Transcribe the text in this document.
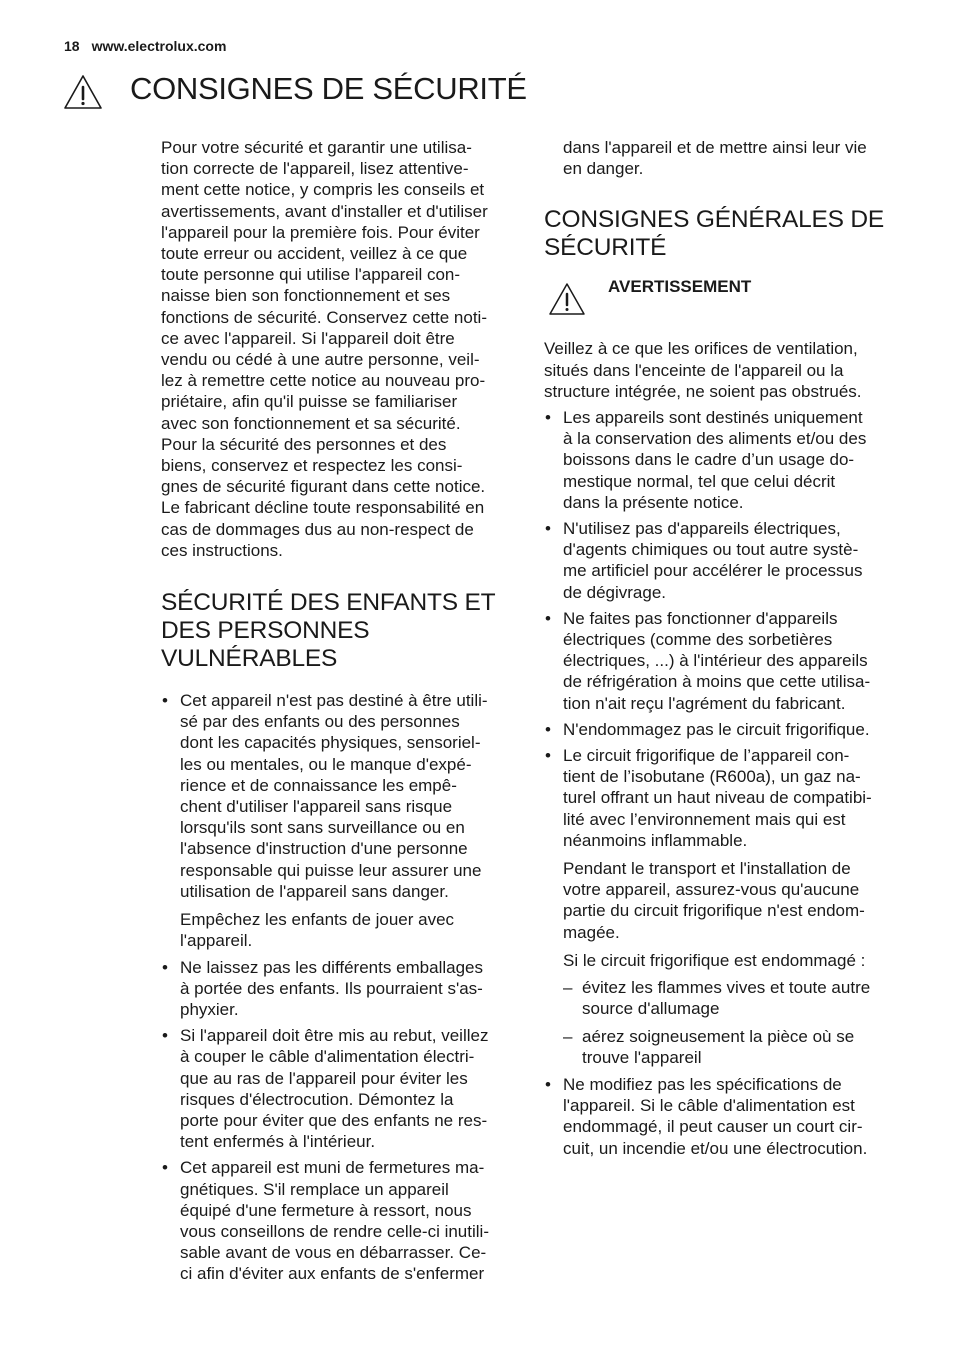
18 www.electrolux.com
CONSIGNES DE SÉCURITÉ

Pour votre sécurité et garantir une utilisa-
tion correcte de l'appareil, lisez attentive-
ment cette notice, y compris les conseils et
avertissements, avant d'installer et d'utiliser
l'appareil pour la première fois. Pour éviter
toute erreur ou accident, veillez à ce que
toute personne qui utilise l'appareil con-
naisse bien son fonctionnement et ses
fonctions de sécurité. Conservez cette noti-
ce avec l'appareil. Si l'appareil doit être
vendu ou cédé à une autre personne, veil-
lez à remettre cette notice au nouveau pro-
priétaire, afin qu'il puisse se familiariser
avec son fonctionnement et sa sécurité.
Pour la sécurité des personnes et des
biens, conservez et respectez les consi-
gnes de sécurité figurant dans cette notice.
Le fabricant décline toute responsabilité en
cas de dommages dus au non-respect de
ces instructions.

SÉCURITÉ DES ENFANTS ET
DES PERSONNES
VULNÉRABLES
• Cet appareil n'est pas destiné à être utili-
sé par des enfants ou des personnes
dont les capacités physiques, sensoriel-
les ou mentales, ou le manque d'expé-
rience et de connaissance les empê-
chent d'utiliser l'appareil sans risque
lorsqu'ils sont sans surveillance ou en
l'absence d'instruction d'une personne
responsable qui puisse leur assurer une
utilisation de l'appareil sans danger.

Empêchez les enfants de jouer avec
l'appareil.

• Ne laissez pas les différents emballages
à portée des enfants. Ils pourraient s'as-
phyxier.
• Si l'appareil doit être mis au rebut, veillez
à couper le câble d'alimentation électri-
que au ras de l'appareil pour éviter les
risques d'électrocution. Démontez la
porte pour éviter que des enfants ne res-
tent enfermés à l'intérieur.
• Cet appareil est muni de fermetures ma-
gnétiques. S'il remplace un appareil
équipé d'une fermeture à ressort, nous
vous conseillons de rendre celle-ci inutili-
sable avant de vous en débarrasser. Ce-
ci afin d'éviter aux enfants de s'enfermer
dans l'appareil et de mettre ainsi leur vie
en danger.
CONSIGNES GÉNÉRALES DE
SÉCURITÉ
AVERTISSEMENT

Veillez à ce que les orifices de ventilation,
situés dans l'enceinte de l'appareil ou la
structure intégrée, ne soient pas obstrués.

• Les appareils sont destinés uniquement
à la conservation des aliments et/ou des
boissons dans le cadre d’un usage do-
mestique normal, tel que celui décrit
dans la présente notice.
• N'utilisez pas d'appareils électriques,
d'agents chimiques ou tout autre systè-
me artificiel pour accélérer le processus
de dégivrage.
• Ne faites pas fonctionner d'appareils
électriques (comme des sorbetières
électriques, ...) à l'intérieur des appareils
de réfrigération à moins que cette utilisa-
tion n'ait reçu l'agrément du fabricant.
• N'endommagez pas le circuit frigorifique.
• Le circuit frigorifique de l’appareil con-
tient de l’isobutane (R600a), un gaz na-
turel offrant un haut niveau de compatibi-
lité avec l’environnement mais qui est
néanmoins inflammable.

Pendant le transport et l'installation de
votre appareil, assurez-vous qu'aucune
partie du circuit frigorifique n'est endom-
magée.

Si le circuit frigorifique est endommagé :

– évitez les flammes vives et toute autre
source d'allumage
– aérez soigneusement la pièce où se
trouve l'appareil
• Ne modifiez pas les spécifications de
l'appareil. Si le câble d'alimentation est
endommagé, il peut causer un court cir-
cuit, un incendie et/ou une électrocution.
